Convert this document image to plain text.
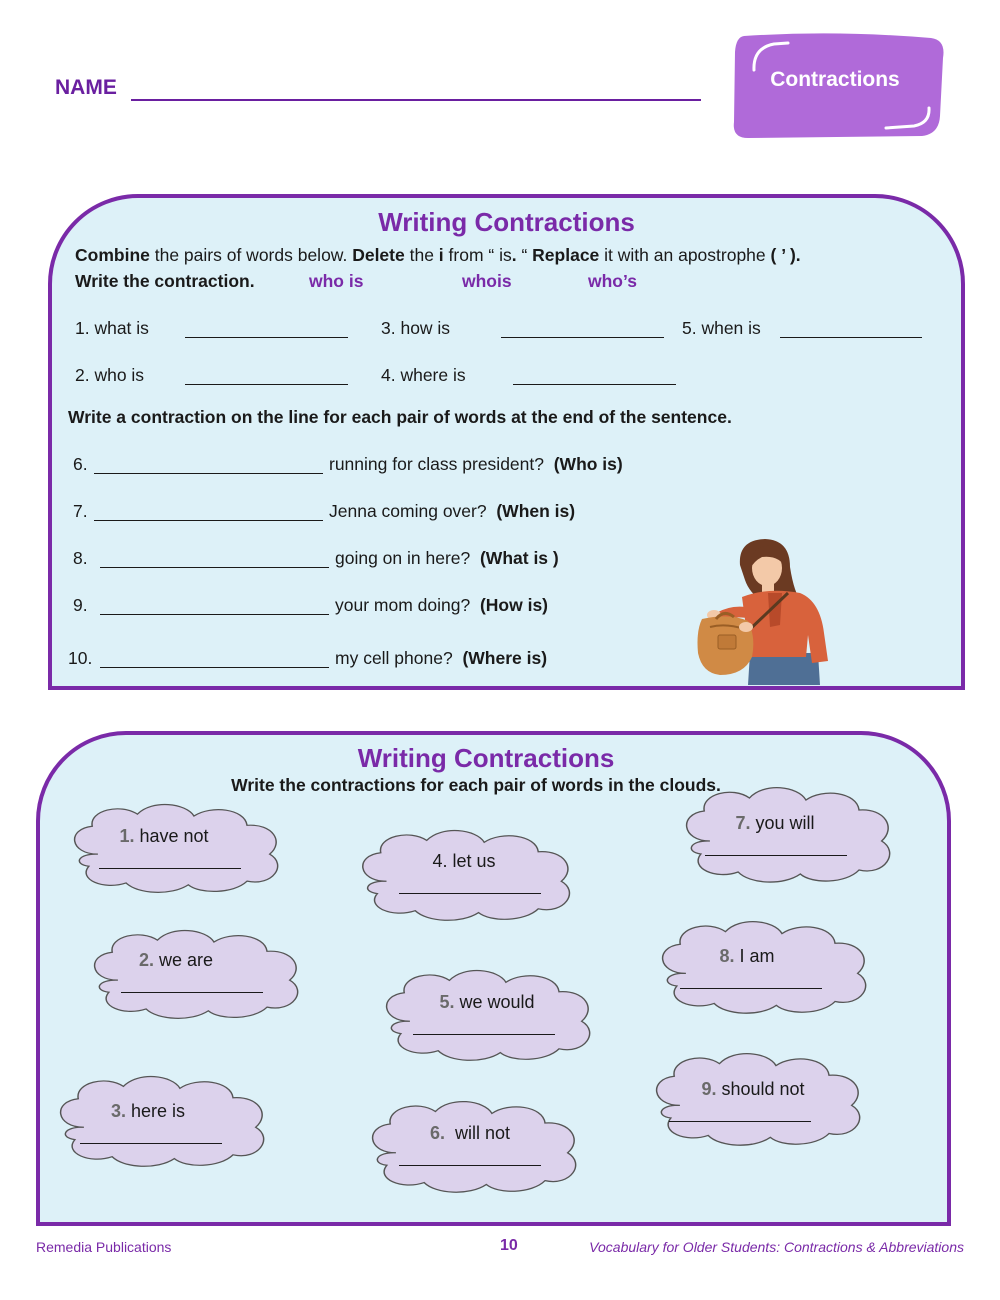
NAME	Contractions
Writing Contractions
Combine the pairs of words below. Delete the i from “ is. “ Replace it with an apostrophe ( ’ ).
Write the contraction.	who is	whois	who’s
1. what is	3. how is	5. when is
2. who is	4. where is
Write a contraction on the line for each pair of words at the end of the sentence.
6.	running for class president? (Who is)
7.	Jenna coming over? (When is)
8.	going on in here? (What is )
9.	your mom doing? (How is)
10.	my cell phone? (Where is)
Writing Contractions
Write the contractions for each pair of words in the clouds.
1. have not
2. we are
3. here is
4. let us
5. we would
6. will not
7. you will
8. I am
9. should not
Remedia Publications	10	Vocabulary for Older Students: Contractions & Abbreviations
